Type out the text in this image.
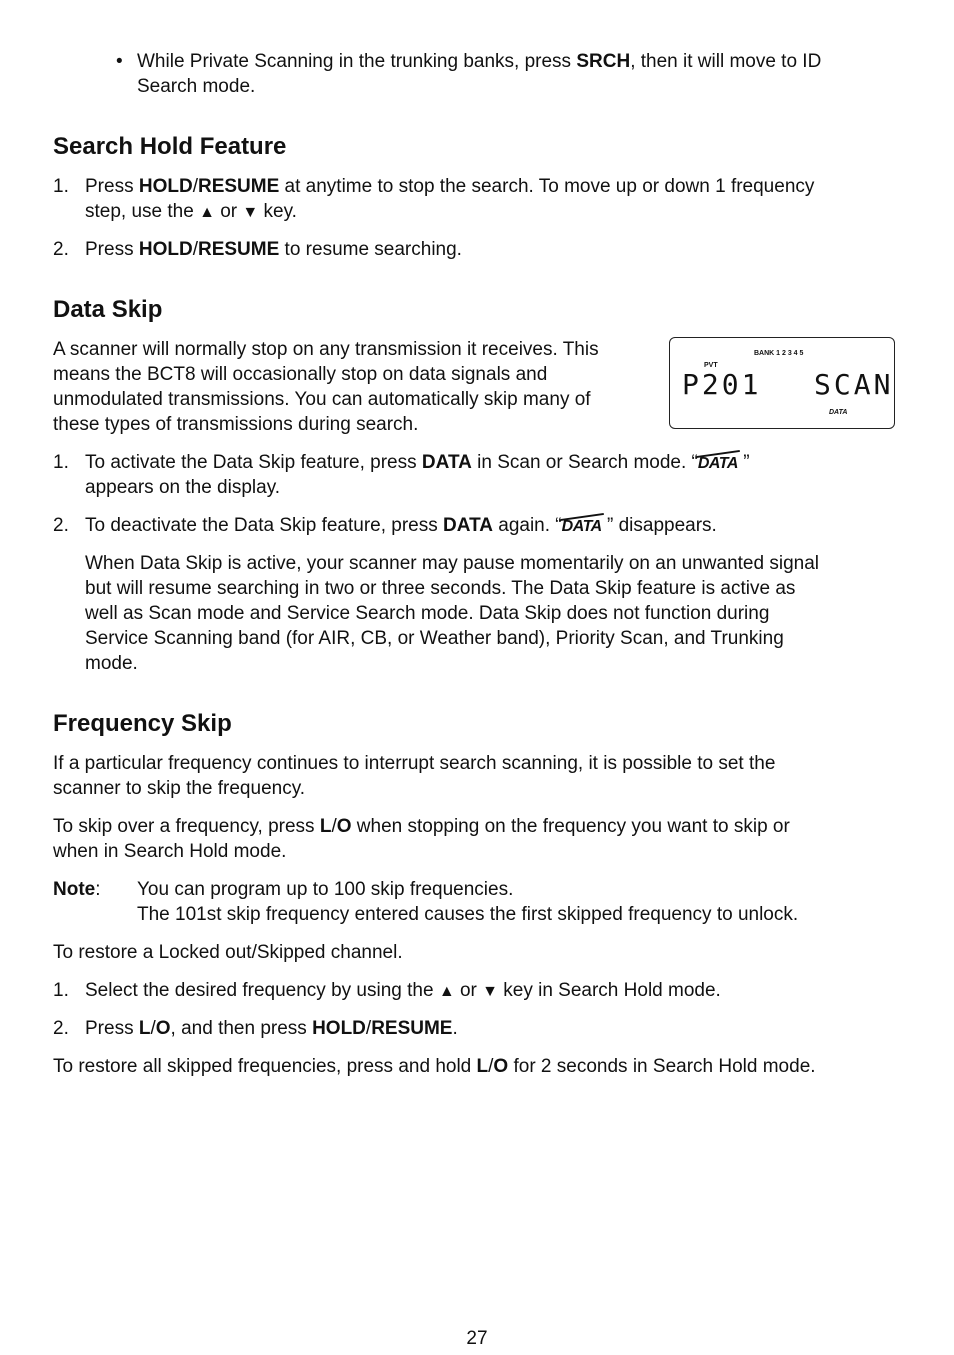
• While Private Scanning in the trunking banks, press SRCH, then it will move to ID
Search mode.
Search Hold Feature
1. Press HOLD/RESUME at anytime to stop the search. To move up or down 1 frequency
step, use the ▲ or ▼ key.
2. Press HOLD/RESUME to resume searching.
Data Skip
A scanner will normally stop on any transmission it receives. This
means the BCT8 will occasionally stop on data signals and
unmodulated transmissions. You can automatically skip many of
these types of transmissions during search.
BANK 1 2 3 4 5
PVT
P201 SCAN
DATA
1. To activate the Data Skip feature, press DATA in Scan or Search mode. “DATA ”
appears on the display.
2. To deactivate the Data Skip feature, press DATA again. “DATA ” disappears.
When Data Skip is active, your scanner may pause momentarily on an unwanted signal
but will resume searching in two or three seconds. The Data Skip feature is active as
well as Scan mode and Service Search mode. Data Skip does not function during
Service Scanning band (for AIR, CB, or Weather band), Priority Scan, and Trunking
mode.
Frequency Skip
If a particular frequency continues to interrupt search scanning, it is possible to set the
scanner to skip the frequency.
To skip over a frequency, press L/O when stopping on the frequency you want to skip or
when in Search Hold mode.
Note: You can program up to 100 skip frequencies.
The 101st skip frequency entered causes the first skipped frequency to unlock.
To restore a Locked out/Skipped channel.
1. Select the desired frequency by using the ▲ or ▼ key in Search Hold mode.
2. Press L/O, and then press HOLD/RESUME.
To restore all skipped frequencies, press and hold L/O for 2 seconds in Search Hold mode.
27
